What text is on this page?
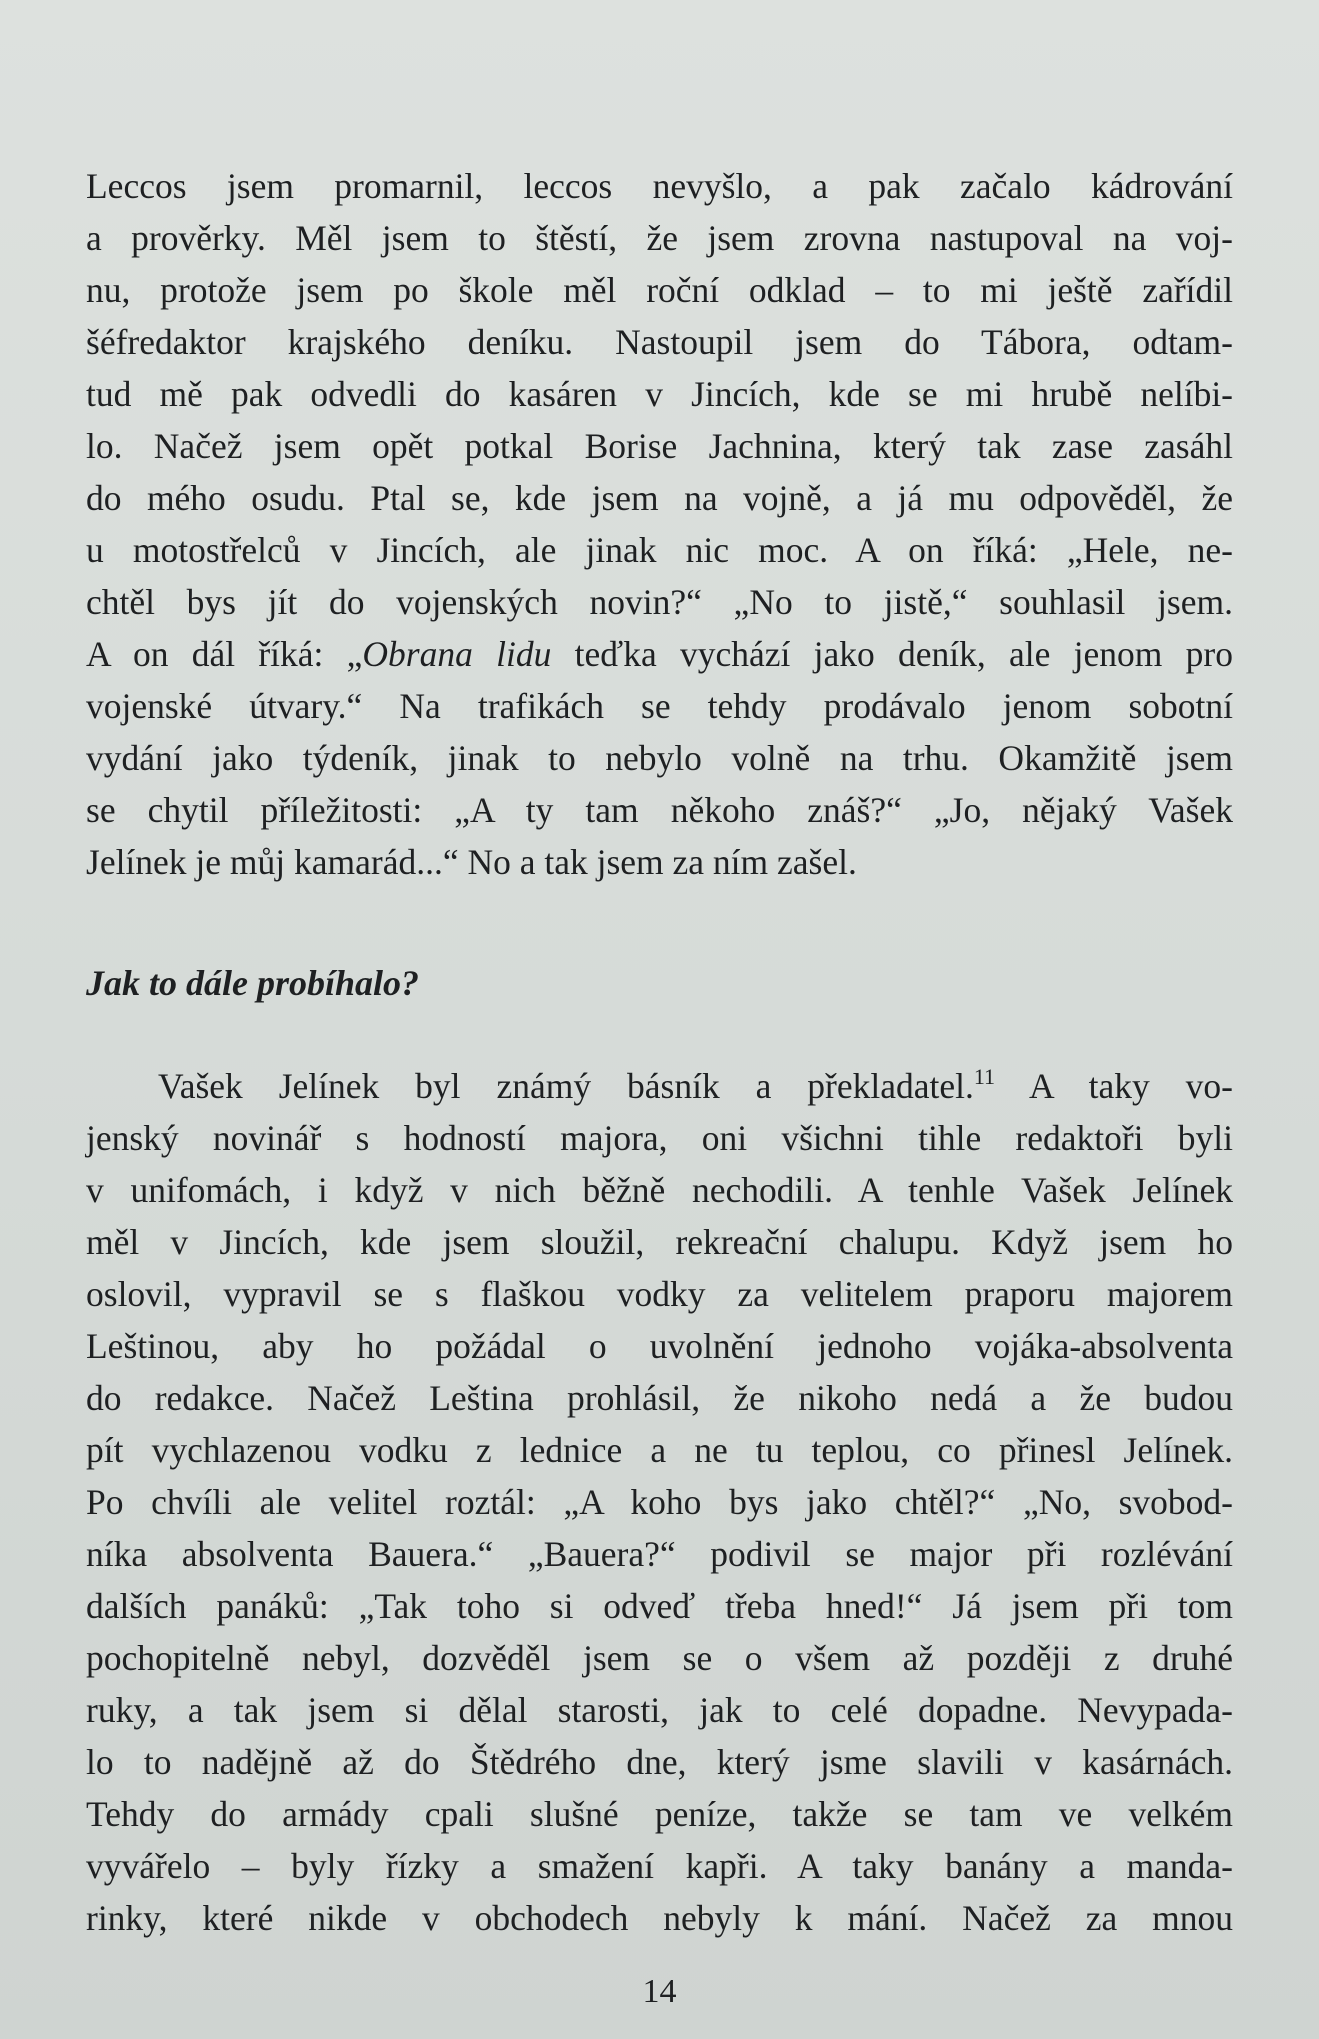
Leccos jsem promarnil, leccos nevyšlo, a pak začalo kádrování
a prověrky. Měl jsem to štěstí, že jsem zrovna nastupoval na voj-
nu, protože jsem po škole měl roční odklad – to mi ještě zařídil
šéfredaktor krajského deníku. Nastoupil jsem do Tábora, odtam-
tud mě pak odvedli do kasáren v Jincích, kde se mi hrubě nelíbi-
lo. Načež jsem opět potkal Borise Jachnina, který tak zase zasáhl
do mého osudu. Ptal se, kde jsem na vojně, a já mu odpověděl, že
u motostřelců v Jincích, ale jinak nic moc. A on říká: „Hele, ne-
chtěl bys jít do vojenských novin?“ „No to jistě,“ souhlasil jsem.
A on dál říká: „Obrana lidu teďka vychází jako deník, ale jenom pro
vojenské útvary.“ Na trafikách se tehdy prodávalo jenom sobotní
vydání jako týdeník, jinak to nebylo volně na trhu. Okamžitě jsem
se chytil příležitosti: „A ty tam někoho znáš?“ „Jo, nějaký Vašek
Jelínek je můj kamarád...“ No a tak jsem za ním zašel.
Jak to dále probíhalo?
Vašek Jelínek byl známý básník a překladatel.$^{11}$ A taky vo-
jenský novinář s hodností majora, oni všichni tihle redaktoři byli
v unifomách, i když v nich běžně nechodili. A tenhle Vašek Jelínek
měl v Jincích, kde jsem sloužil, rekreační chalupu. Když jsem ho
oslovil, vypravil se s flaškou vodky za velitelem praporu majorem
Leštinou, aby ho požádal o uvolnění jednoho vojáka-absolventa
do redakce. Načež Leština prohlásil, že nikoho nedá a že budou
pít vychlazenou vodku z lednice a ne tu teplou, co přinesl Jelínek.
Po chvíli ale velitel roztál: „A koho bys jako chtěl?“ „No, svobod-
níka absolventa Bauera.“ „Bauera?“ podivil se major při rozlévání
dalších panáků: „Tak toho si odveď třeba hned!“ Já jsem při tom
pochopitelně nebyl, dozvěděl jsem se o všem až později z druhé
ruky, a tak jsem si dělal starosti, jak to celé dopadne. Nevypada-
lo to nadějně až do Štědrého dne, který jsme slavili v kasárnách.
Tehdy do armády cpali slušné peníze, takže se tam ve velkém
vyvářelo – byly řízky a smažení kapři. A taky banány a manda-
rinky, které nikde v obchodech nebyly k mání. Načež za mnou
14
